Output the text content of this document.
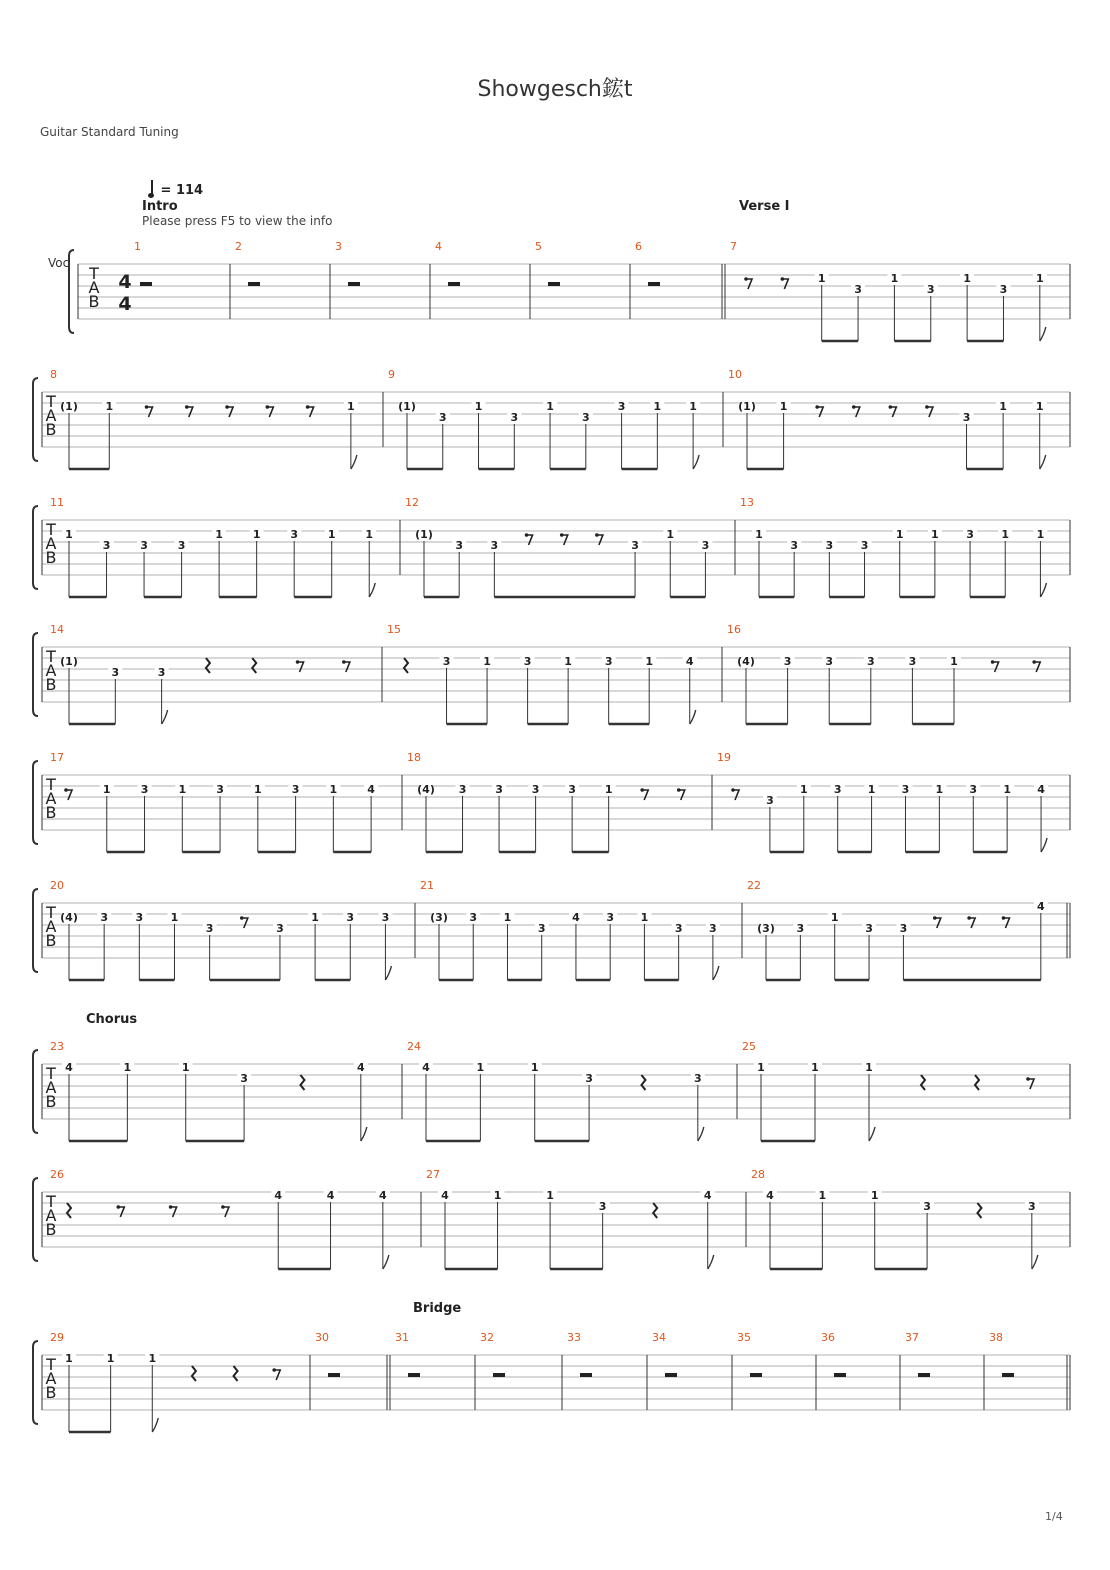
Showgesch鋐t
Guitar Standard Tuning
= 114
Intro
Please press F5 to view the info
Verse I
Chorus
Bridge
Voc
1/4
T
A
B
4
4
1	2	3	4	5	6	7
1
3
1
3
1
3
1
T
A
B
8
(1)	1	1
9
(1)
3
1
3
1
3
3	1	1
10
(1) 1
3
1	1
T
A
B
11
1
3	3	3
1	1	3	1	1
12
(1)
3	3	3
1
3
13
1
3	3	3
1	1	3	1	1
T
A
B
14
(1)
3	3
15
3	1	3	1	3	1	4
16
(4)	3	3	3	3	1
T
A
B
17
1	3	1	3	1	3	1	4
18
(4) 3	3	3	3	1
19
3
1 3 1 3 1 3 1 4
T
A
B
20
(4) 3	3	1
3	3
1	3	3
21
(3) 3 1
3
4 3 1
3 3
22
(3) 3
1
3 3
4
T
A
B
23
4	1	1
3
4
24
4	1	1
3	3
25
1	1	1
T
A
B
26
4	4	4
27
4	1	1
3
4
28
4	1	1
3	3
T
A
B
29
1	1	1
30	31	32	33	34	35	36	37	38
